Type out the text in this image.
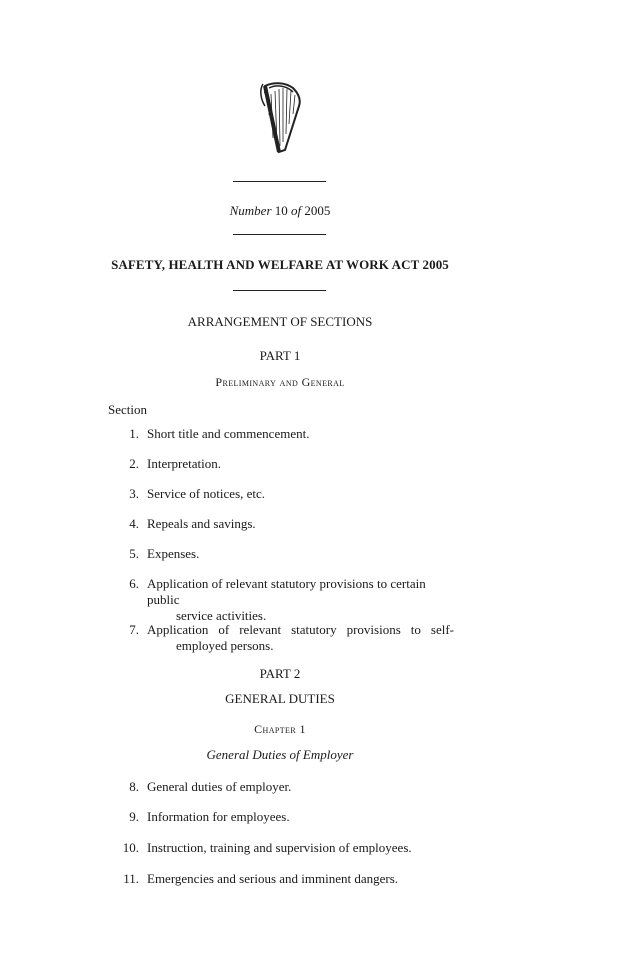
Number 10 of 2005
SAFETY, HEALTH AND WELFARE AT WORK ACT 2005
ARRANGEMENT OF SECTIONS
PART 1
Preliminary and General
Section
1. Short title and commencement.
2. Interpretation.
3. Service of notices, etc.
4. Repeals and savings.
5. Expenses.
6. Application of relevant statutory provisions to certain public
service activities.
7. Application of relevant statutory provisions to self-
employed persons.
PART 2
GENERAL DUTIES
Chapter 1
General Duties of Employer
8. General duties of employer.
9. Information for employees.
10. Instruction, training and supervision of employees.
11. Emergencies and serious and imminent dangers.
